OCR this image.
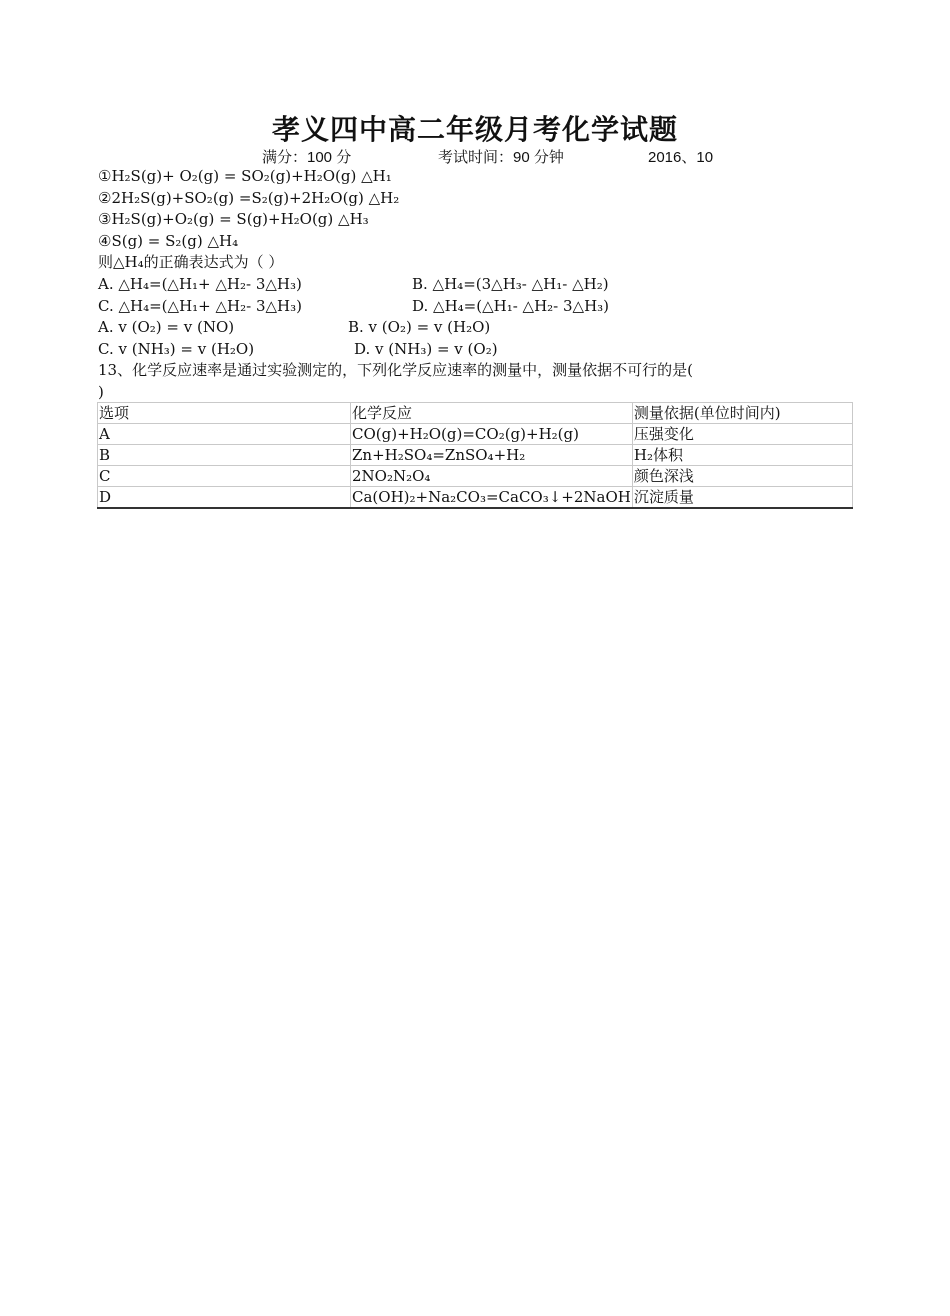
孝义四中高二年级月考化学试题
满分：100 分	考试时间：90 分钟	2016、10
①H₂S(g)+ O₂(g) = SO₂(g)+H₂O(g) △H₁
②2H₂S(g)+SO₂(g) =S₂(g)+2H₂O(g) △H₂
③H₂S(g)+O₂(g) = S(g)+H₂O(g) △H₃
④S(g) = S₂(g) △H₄
则△H₄的正确表达式为（ ）
A. △H₄=(△H₁+ △H₂- 3△H₃)	B. △H₄=(3△H₃- △H₁- △H₂)
C. △H₄=(△H₁+ △H₂- 3△H₃)	D. △H₄=(△H₁- △H₂- 3△H₃)
A. v (O₂) = v (NO)	B. v (O₂) = v (H₂O)
C. v (NH₃) = v (H₂O)	D. v (NH₃) = v (O₂)
13、化学反应速率是通过实验测定的，下列化学反应速率的测量中，测量依据不可行的是(
)
选项	化学反应	测量依据(单位时间内)
A	CO(g)+H₂O(g)=CO₂(g)+H₂(g)	压强变化
B	Zn+H₂SO₄=ZnSO₄+H₂	H₂体积
C	2NO₂N₂O₄	颜色深浅
D	Ca(OH)₂+Na₂CO₃=CaCO₃↓+2NaOH	沉淀质量
